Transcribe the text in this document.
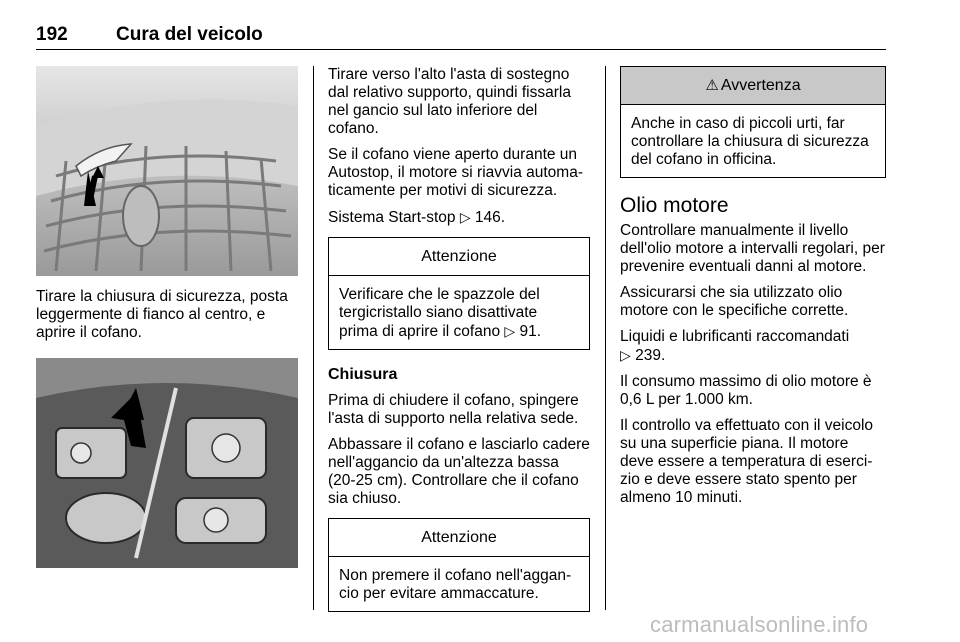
192	Cura del veicolo

Tirare la chiusura di sicurezza, posta leggermente di fianco al centro, e aprire il cofano.

Tirare verso l'alto l'asta di sostegno dal relativo supporto, quindi fissarla nel gancio sul lato inferiore del cofano.

Se il cofano viene aperto durante un Autostop, il motore si riavvia automaticamente per motivi di sicurezza.

Sistema Start-stop ▷ 146.

Attenzione
Verificare che le spazzole del tergicristallo siano disattivate prima di aprire il cofano ▷ 91.
Chiusura

Prima di chiudere il cofano, spingere l'asta di supporto nella relativa sede.

Abbassare il cofano e lasciarlo cadere nell'aggancio da un'altezza bassa (20-25 cm). Controllare che il cofano sia chiuso.

Attenzione
Non premere il cofano nell'aggancio per evitare ammaccature.
⚠ Avvertenza
Anche in caso di piccoli urti, far controllare la chiusura di sicurezza del cofano in officina.
Olio motore

Controllare manualmente il livello dell'olio motore a intervalli regolari, per prevenire eventuali danni al motore.

Assicurarsi che sia utilizzato olio motore con le specifiche corrette.

Liquidi e lubrificanti raccomandati
▷ 239.

Il consumo massimo di olio motore è 0,6 L per 1.000 km.

Il controllo va effettuato con il veicolo su una superficie piana. Il motore deve essere a temperatura di esercizio e deve essere stato spento per almeno 10 minuti.

carmanualsonline.info
